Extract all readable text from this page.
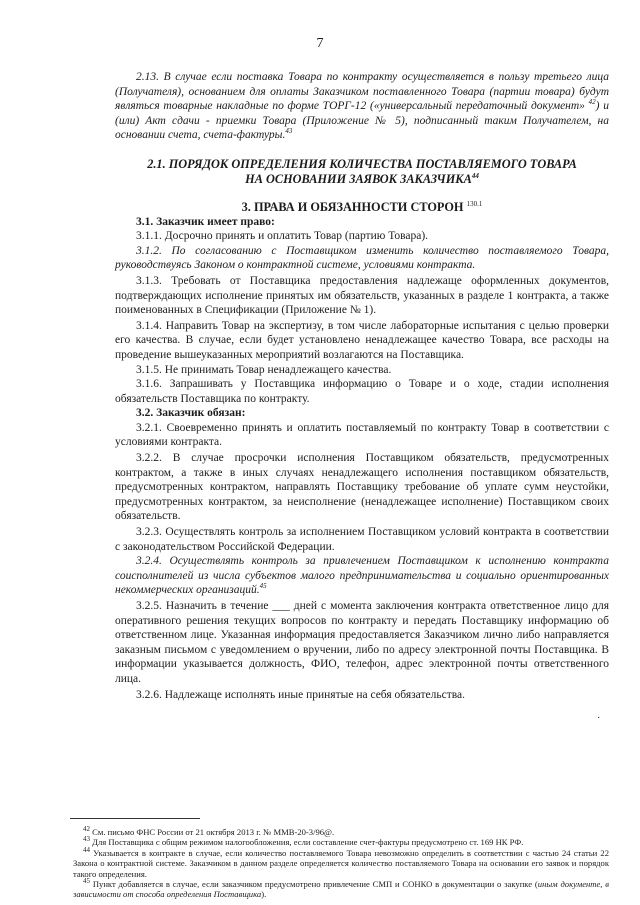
7

2.13. В случае если поставка Товара по контракту осуществляется в пользу третьего лица (Получателя), основанием для оплаты Заказчиком поставленного Товара (партии товара) будут являться товарные накладные по форме ТОРГ-12 («универсальный передаточный документ» $^{42}$) и (или) Акт сдачи - приемки Товара (Приложение № 5), подписанный таким Получателем, на основании счета, счета-фактуры.$^{43}$

2.1. ПОРЯДОК ОПРЕДЕЛЕНИЯ КОЛИЧЕСТВА ПОСТАВЛЯЕМОГО ТОВАРА
НА ОСНОВАНИИ ЗАЯВОК ЗАКАЗЧИКА$^{44}$

3. ПРАВА И ОБЯЗАННОСТИ СТОРОН $^{130.1}$

3.1. Заказчик имеет право:

3.1.1. Досрочно принять и оплатить Товар (партию Товара).

3.1.2. По согласованию с Поставщиком изменить количество поставляемого Товара, руководствуясь Законом о контрактной системе, условиями контракта.

3.1.3. Требовать от Поставщика предоставления надлежаще оформленных документов, подтверждающих исполнение принятых им обязательств, указанных в разделе 1 контракта, а также поименованных в Спецификации (Приложение № 1).

3.1.4. Направить Товар на экспертизу, в том числе лабораторные испытания с целью проверки его качества. В случае, если будет установлено ненадлежащее качество Товара, все расходы на проведение вышеуказанных мероприятий возлагаются на Поставщика.

3.1.5. Не принимать Товар ненадлежащего качества.

3.1.6. Запрашивать у Поставщика информацию о Товаре и о ходе, стадии исполнения обязательств Поставщика по контракту.

3.2. Заказчик обязан:

3.2.1. Своевременно принять и оплатить поставляемый по контракту Товар в соответствии с условиями контракта.

3.2.2. В случае просрочки исполнения Поставщиком обязательств, предусмотренных контрактом, а также в иных случаях ненадлежащего исполнения поставщиком обязательств, предусмотренных контрактом, направлять Поставщику требование об уплате сумм неустойки, предусмотренных контрактом, за неисполнение (ненадлежащее исполнение) Поставщиком своих обязательств.

3.2.3. Осуществлять контроль за исполнением Поставщиком условий контракта в соответствии с законодательством Российской Федерации.

3.2.4. Осуществлять контроль за привлечением Поставщиком к исполнению контракта соисполнителей из числа субъектов малого предпринимательства и социально ориентированных некоммерческих организаций.$^{45}$

3.2.5. Назначить в течение ___ дней с момента заключения контракта ответственное лицо для оперативного решения текущих вопросов по контракту и передать Поставщику информацию об ответственном лице. Указанная информация предоставляется Заказчиком лично либо направляется заказным письмом с уведомлением о вручении, либо по адресу электронной почты Поставщика. В информации указывается должность, ФИО, телефон, адрес электронной почты ответственного лица.

3.2.6. Надлежаще исполнять иные принятые на себя обязательства.

·

$^{42}$ См. письмо ФНС России от 21 октября 2013 г. № ММВ-20-3/96@.

$^{43}$ Для Поставщика с общим режимом налогообложения, если составление счет-фактуры предусмотрено ст. 169 НК РФ.

$^{44}$ Указывается в контракте в случае, если количество поставляемого Товара невозможно определить в соответствии с частью 24 статьи 22 Закона о контрактной системе. Заказчиком в данном разделе определяется количество поставляемого Товара на основании его заявок и порядок такого определения.

$^{45}$ Пункт добавляется в случае, если заказчиком предусмотрено привлечение СМП и СОНКО в документации о закупке (иным документе, в зависимости от способа определения Поставщика).
